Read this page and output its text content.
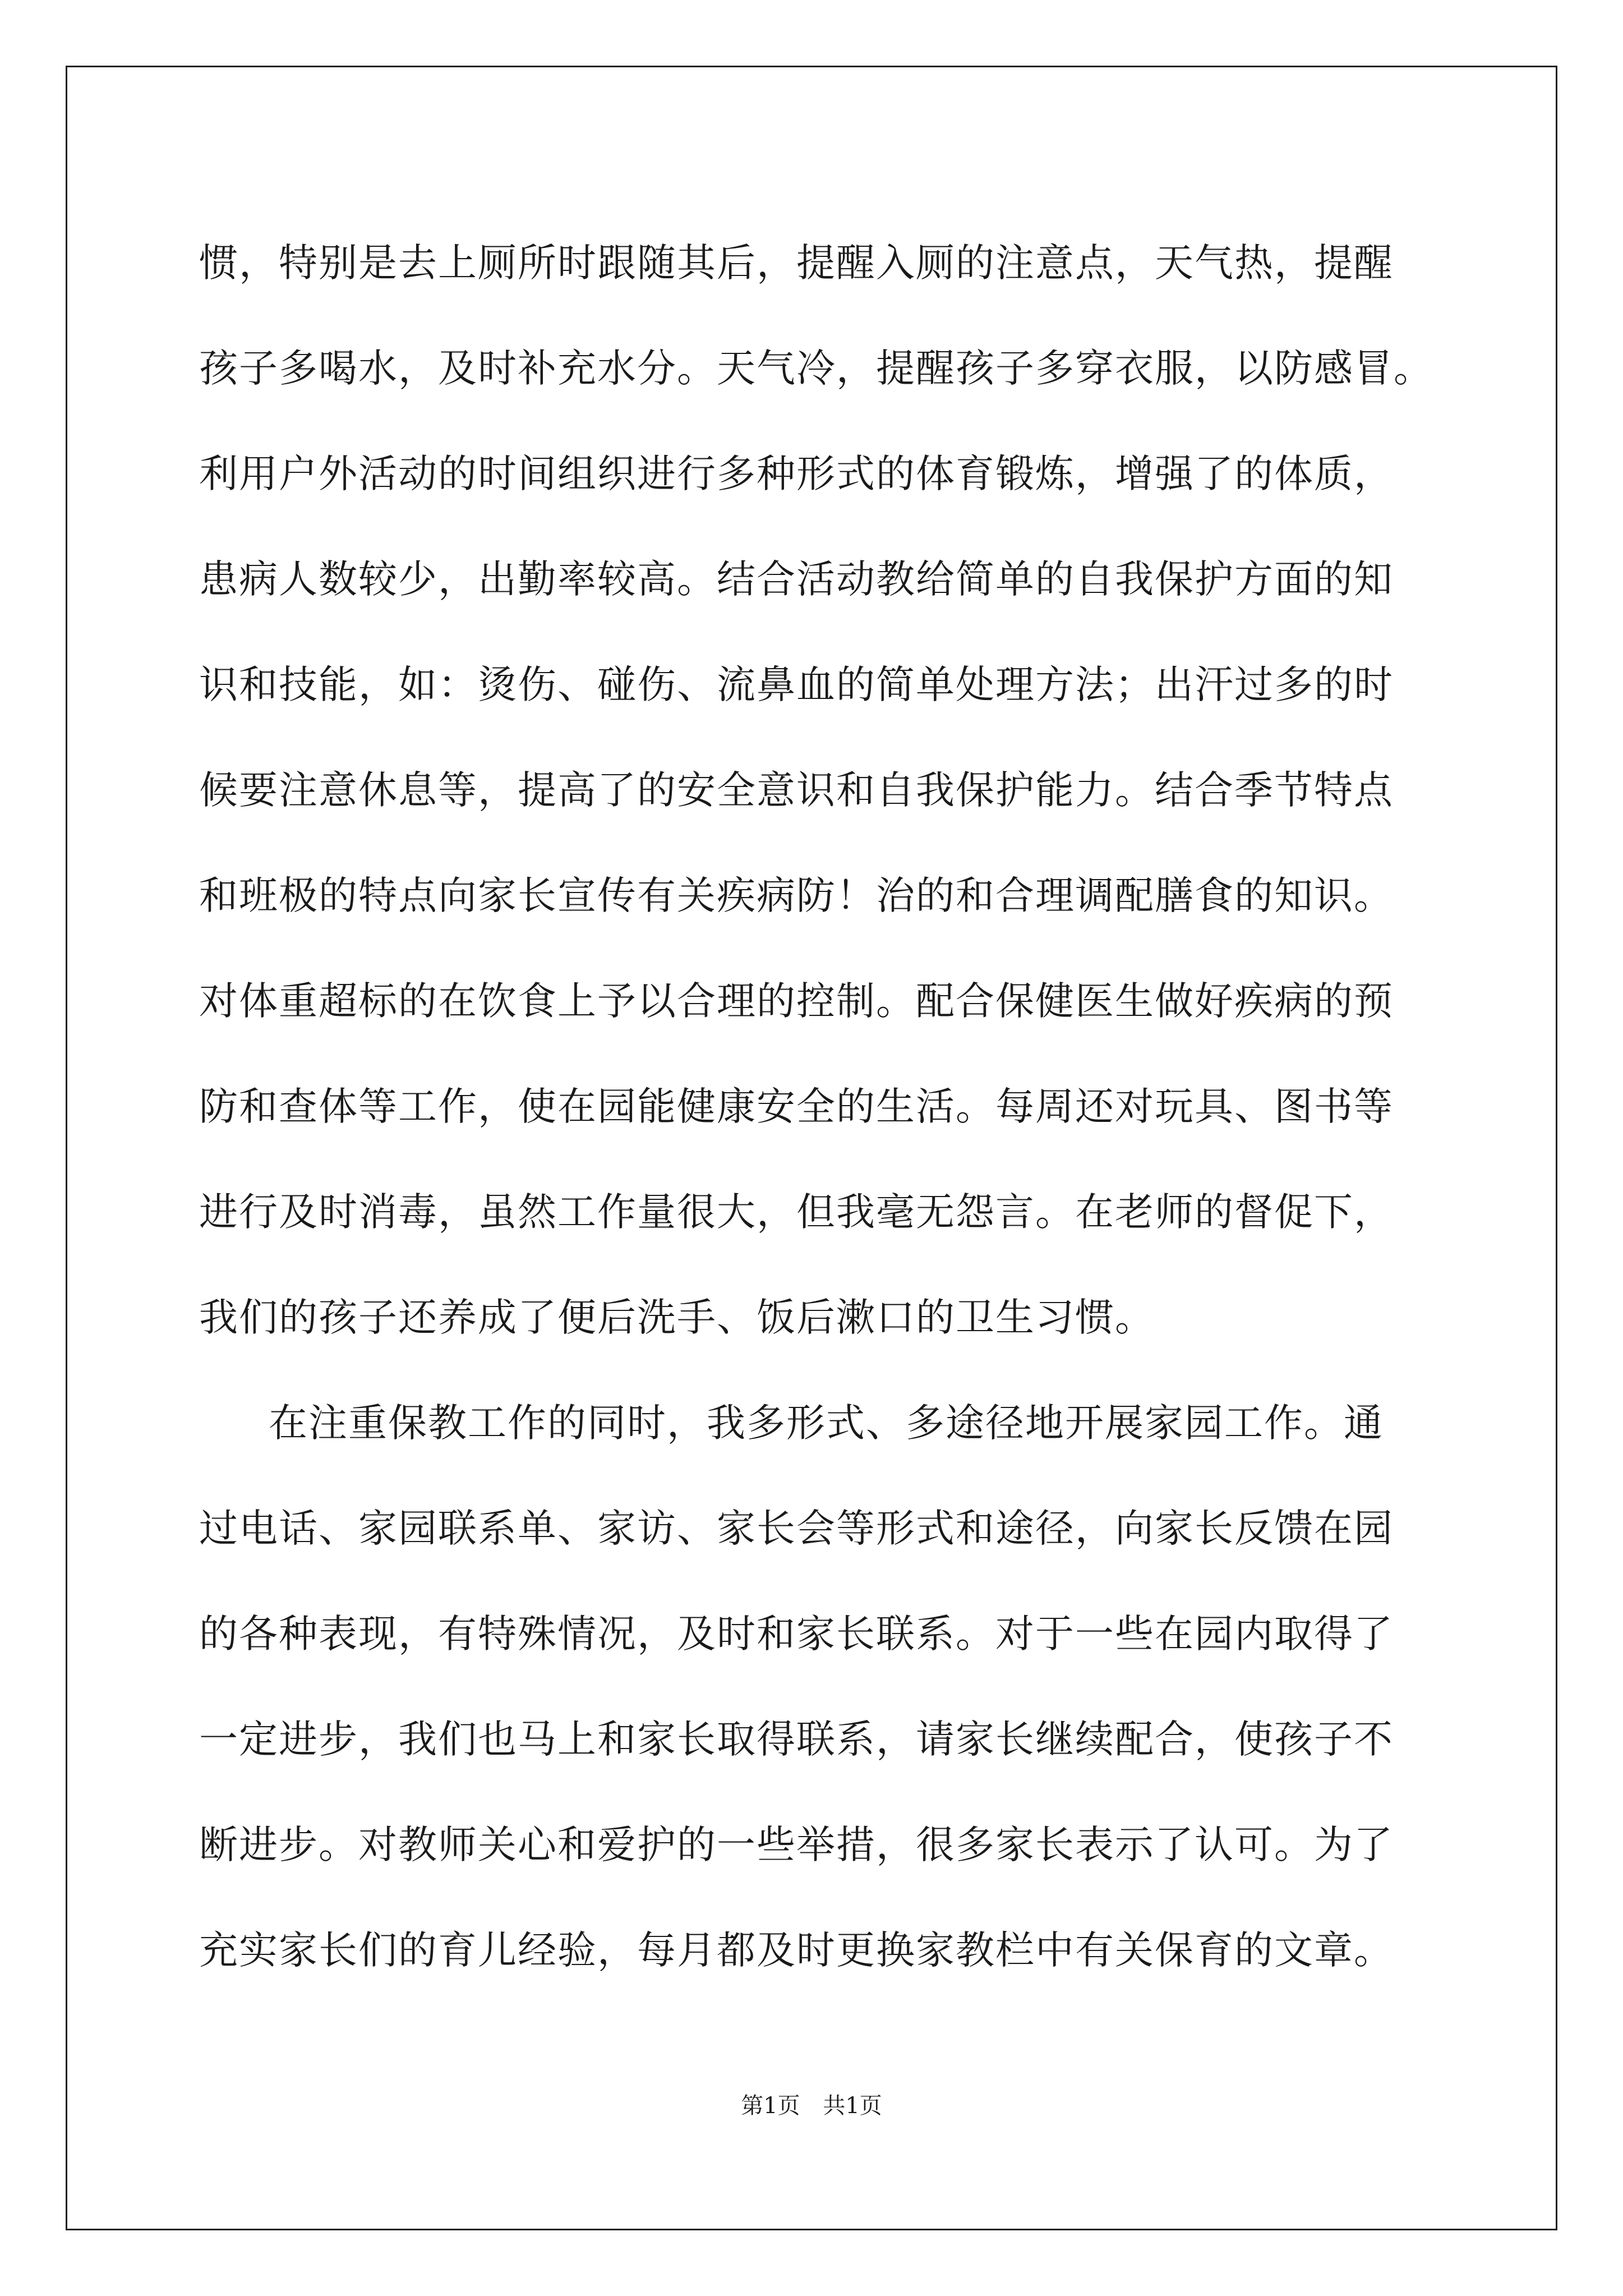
惯，特别是去上厕所时跟随其后，提醒入厕的注意点，天气热，提醒
孩子多喝水，及时补充水分。天气冷，提醒孩子多穿衣服，以防感冒。
利用户外活动的时间组织进行多种形式的体育锻炼，增强了的体质，
患病人数较少，出勤率较高。结合活动教给简单的自我保护方面的知
识和技能，如：烫伤、碰伤、流鼻血的简单处理方法；出汗过多的时
候要注意休息等，提高了的安全意识和自我保护能力。结合季节特点
和班极的特点向家长宣传有关疾病防！治的和合理调配膳食的知识。
对体重超标的在饮食上予以合理的控制。配合保健医生做好疾病的预
防和查体等工作，使在园能健康安全的生活。每周还对玩具、图书等
进行及时消毒，虽然工作量很大，但我毫无怨言。在老师的督促下，
我们的孩子还养成了便后洗手、饭后漱口的卫生习惯。
在注重保教工作的同时，我多形式、多途径地开展家园工作。通
过电话、家园联系单、家访、家长会等形式和途径，向家长反馈在园
的各种表现，有特殊情况，及时和家长联系。对于一些在园内取得了
一定进步，我们也马上和家长取得联系，请家长继续配合，使孩子不
断进步。对教师关心和爱护的一些举措，很多家长表示了认可。为了
充实家长们的育儿经验，每月都及时更换家教栏中有关保育的文章。
第1页 共1页
